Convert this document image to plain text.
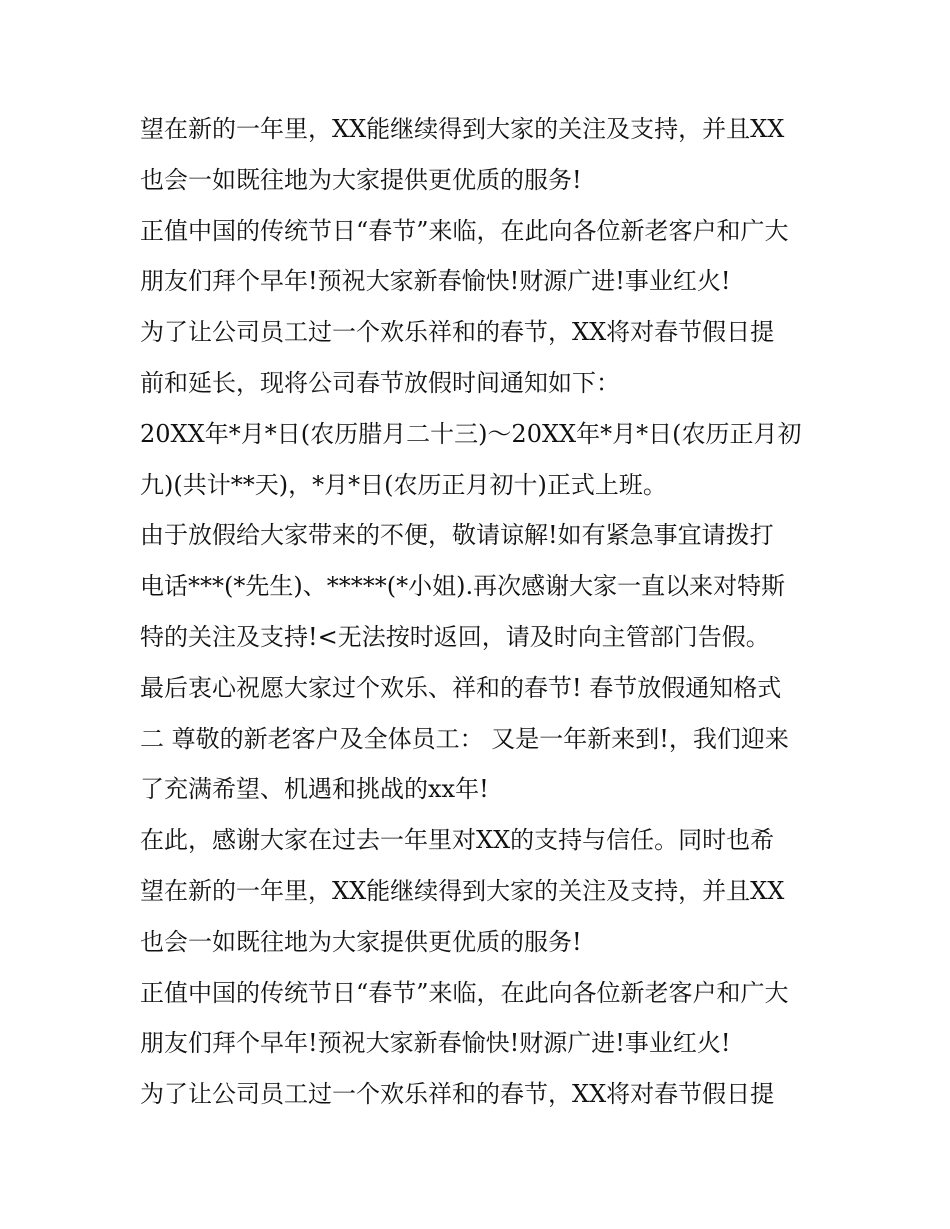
望在新的一年里，XX能继续得到大家的关注及支持，并且XX
也会一如既往地为大家提供更优质的服务!
正值中国的传统节日“春节”来临，在此向各位新老客户和广大
朋友们拜个早年!预祝大家新春愉快!财源广进!事业红火!
为了让公司员工过一个欢乐祥和的春节，XX将对春节假日提
前和延长，现将公司春节放假时间通知如下：
20XX年*月*日(农历腊月二十三)～20XX年*月*日(农历正月初
九)(共计**天)，*月*日(农历正月初十)正式上班。
由于放假给大家带来的不便，敬请谅解!如有紧急事宜请拨打
电话***(*先生)、*****(*小姐).再次感谢大家一直以来对特斯
特的关注及支持!<无法按时返回，请及时向主管部门告假。
最后衷心祝愿大家过个欢乐、祥和的春节! 春节放假通知格式
二 尊敬的新老客户及全体员工： 又是一年新来到!，我们迎来
了充满希望、机遇和挑战的xx年!
在此，感谢大家在过去一年里对XX的支持与信任。同时也希
望在新的一年里，XX能继续得到大家的关注及支持，并且XX
也会一如既往地为大家提供更优质的服务!
正值中国的传统节日“春节”来临，在此向各位新老客户和广大
朋友们拜个早年!预祝大家新春愉快!财源广进!事业红火!
为了让公司员工过一个欢乐祥和的春节，XX将对春节假日提
